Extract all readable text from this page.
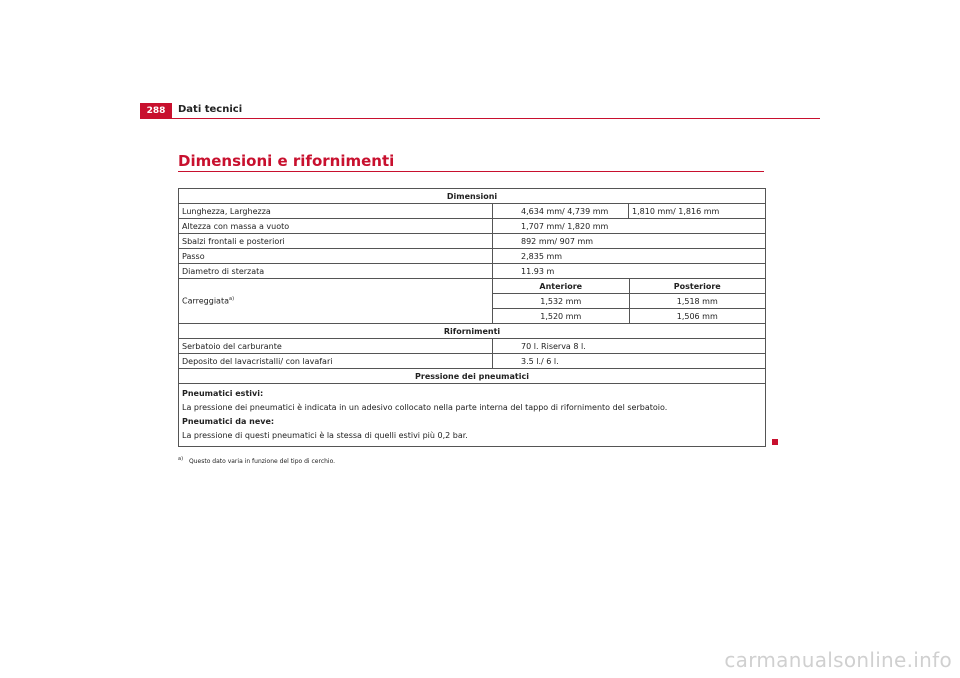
288	Dati tecnici
Dimensioni e rifornimenti
Dimensioni
Lunghezza, Larghezza	4,634 mm/ 4,739 mm	1,810 mm/ 1,816 mm
Altezza con massa a vuoto	1,707 mm/ 1,820 mm
Sbalzi frontali e posteriori	892 mm/ 907 mm
Passo	2,835 mm
Diametro di sterzata	11.93 m
Carreggiata$^{a)}$	
Anteriore	Posteriore
1,532 mm	1,518 mm
1,520 mm	1,506 mm

Rifornimenti
Serbatoio del carburante	70 l. Riserva 8 l.
Deposito del lavacristalli/ con lavafari	3.5 l./ 6 l.
Pressione dei pneumatici

Pneumatici estivi:
La pressione dei pneumatici è indicata in un adesivo collocato nella parte interna del tappo di rifornimento del serbatoio.
Pneumatici da neve:
La pressione di questi pneumatici è la stessa di quelli estivi più 0,2 bar.
$^{a)}$ Questo dato varia in funzione del tipo di cerchio.
carmanualsonline.info
